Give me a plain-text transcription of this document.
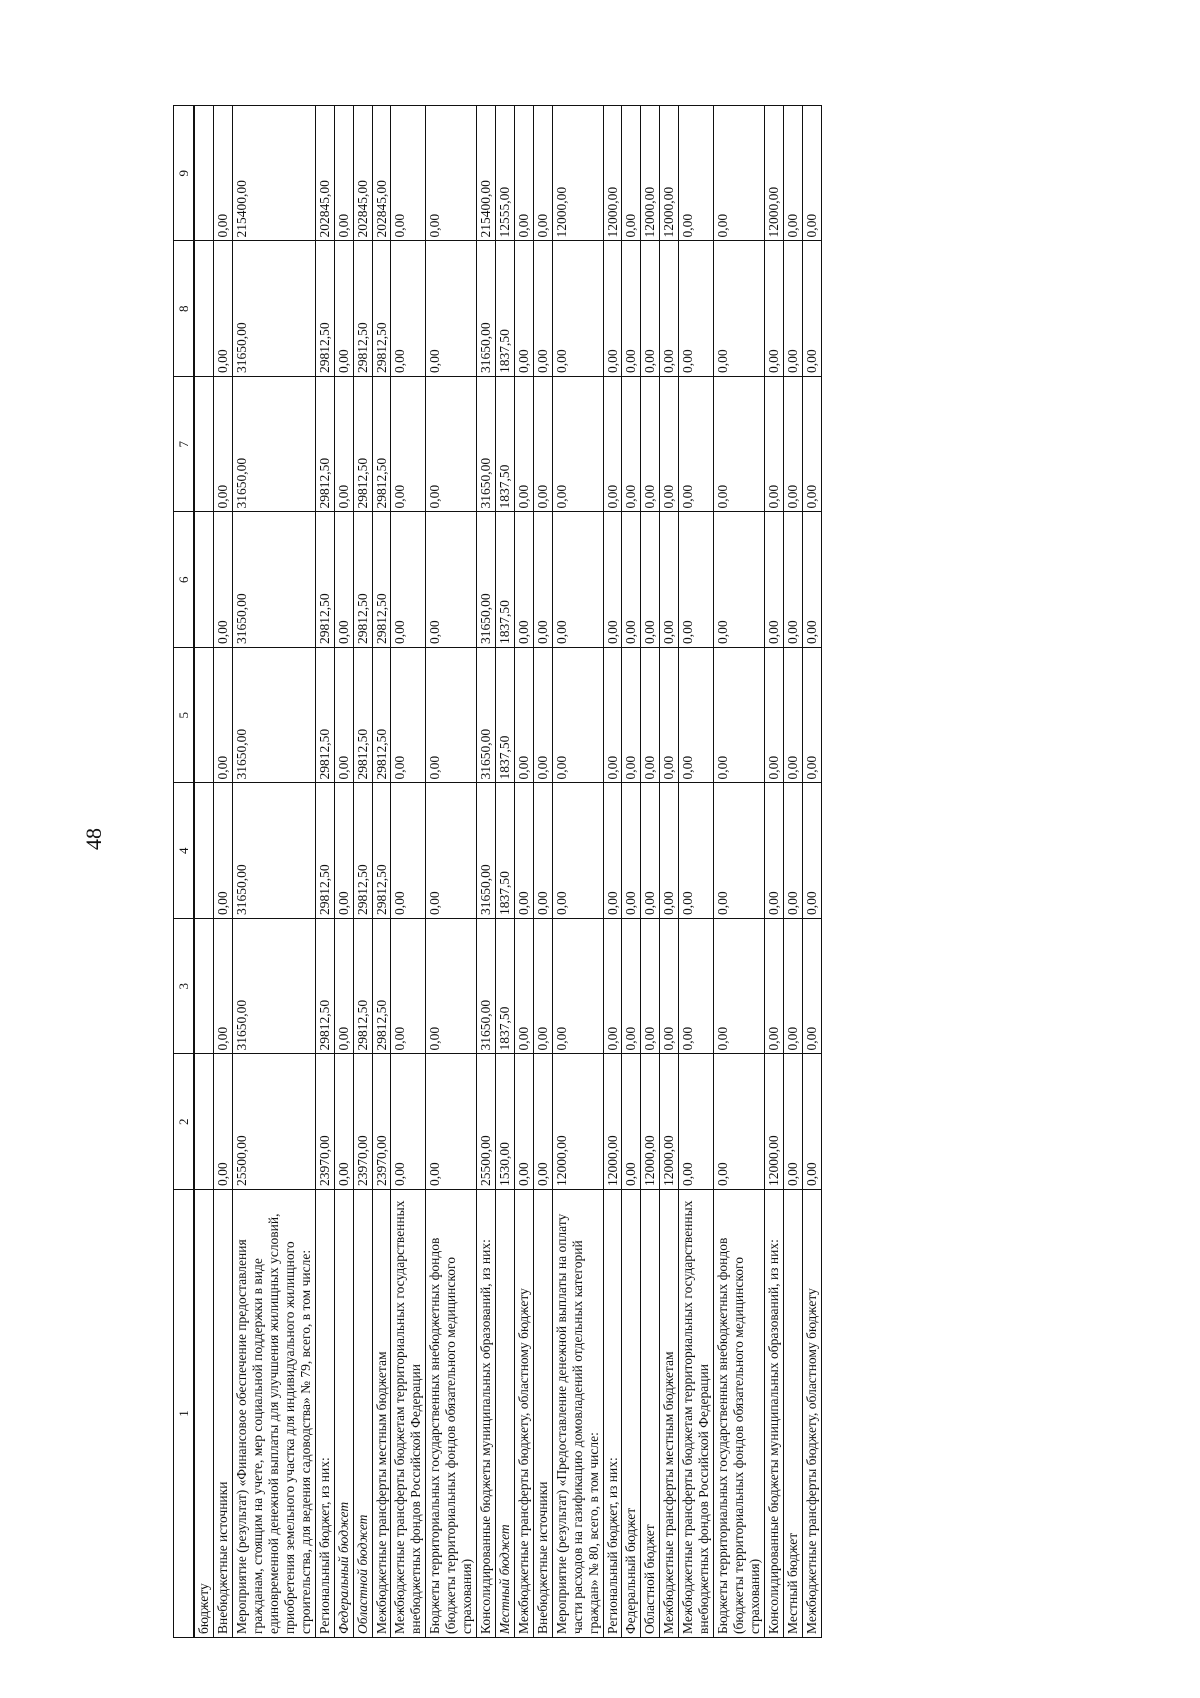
48
1	2	3	4	5	6	7	8	9
бюджету								
Внебюджетные источники	0,00	0,00	0,00	0,00	0,00	0,00	0,00	0,00
Мероприятие (результат) «Финансовое обеспечение предоставления гражданам, стоящим на учете, мер социальной поддержки в виде единовременной денежной выплаты для улучшения жилищных условий, приобретения земельного участка для индивидуального жилищного строительства, для ведения садоводства» № 79, всего, в том числе:	25500,00	31650,00	31650,00	31650,00	31650,00	31650,00	31650,00	215400,00
Региональный бюджет, из них:	23970,00	29812,50	29812,50	29812,50	29812,50	29812,50	29812,50	202845,00
Федеральный бюджет	0,00	0,00	0,00	0,00	0,00	0,00	0,00	0,00
Областной бюджет	23970,00	29812,50	29812,50	29812,50	29812,50	29812,50	29812,50	202845,00
Межбюджетные трансферты местным бюджетам	23970,00	29812,50	29812,50	29812,50	29812,50	29812,50	29812,50	202845,00
Межбюджетные трансферты бюджетам территориальных государственных внебюджетных фондов Российской Федерации	0,00	0,00	0,00	0,00	0,00	0,00	0,00	0,00
Бюджеты территориальных государственных внебюджетных фондов (бюджеты территориальных фондов обязательного медицинского страхования)	0,00	0,00	0,00	0,00	0,00	0,00	0,00	0,00
Консолидированные бюджеты муниципальных образований, из них:	25500,00	31650,00	31650,00	31650,00	31650,00	31650,00	31650,00	215400,00
Местный бюджет	1530,00	1837,50	1837,50	1837,50	1837,50	1837,50	1837,50	12555,00
Межбюджетные трансферты бюджету, областному бюджету	0,00	0,00	0,00	0,00	0,00	0,00	0,00	0,00
Внебюджетные источники	0,00	0,00	0,00	0,00	0,00	0,00	0,00	0,00
Мероприятие (результат) «Предоставление денежной выплаты на оплату части расходов на газификацию домовладений отдельных категорий граждан» № 80, всего, в том числе:	12000,00	0,00	0,00	0,00	0,00	0,00	0,00	12000,00
Региональный бюджет, из них:	12000,00	0,00	0,00	0,00	0,00	0,00	0,00	12000,00
Федеральный бюджет	0,00	0,00	0,00	0,00	0,00	0,00	0,00	0,00
Областной бюджет	12000,00	0,00	0,00	0,00	0,00	0,00	0,00	12000,00
Межбюджетные трансферты местным бюджетам	12000,00	0,00	0,00	0,00	0,00	0,00	0,00	12000,00
Межбюджетные трансферты бюджетам территориальных государственных внебюджетных фондов Российской Федерации	0,00	0,00	0,00	0,00	0,00	0,00	0,00	0,00
Бюджеты территориальных государственных внебюджетных фондов (бюджеты территориальных фондов обязательного медицинского страхования)	0,00	0,00	0,00	0,00	0,00	0,00	0,00	0,00
Консолидированные бюджеты муниципальных образований, из них:	12000,00	0,00	0,00	0,00	0,00	0,00	0,00	12000,00
Местный бюджет	0,00	0,00	0,00	0,00	0,00	0,00	0,00	0,00
Межбюджетные трансферты бюджету, областному бюджету	0,00	0,00	0,00	0,00	0,00	0,00	0,00	0,00
